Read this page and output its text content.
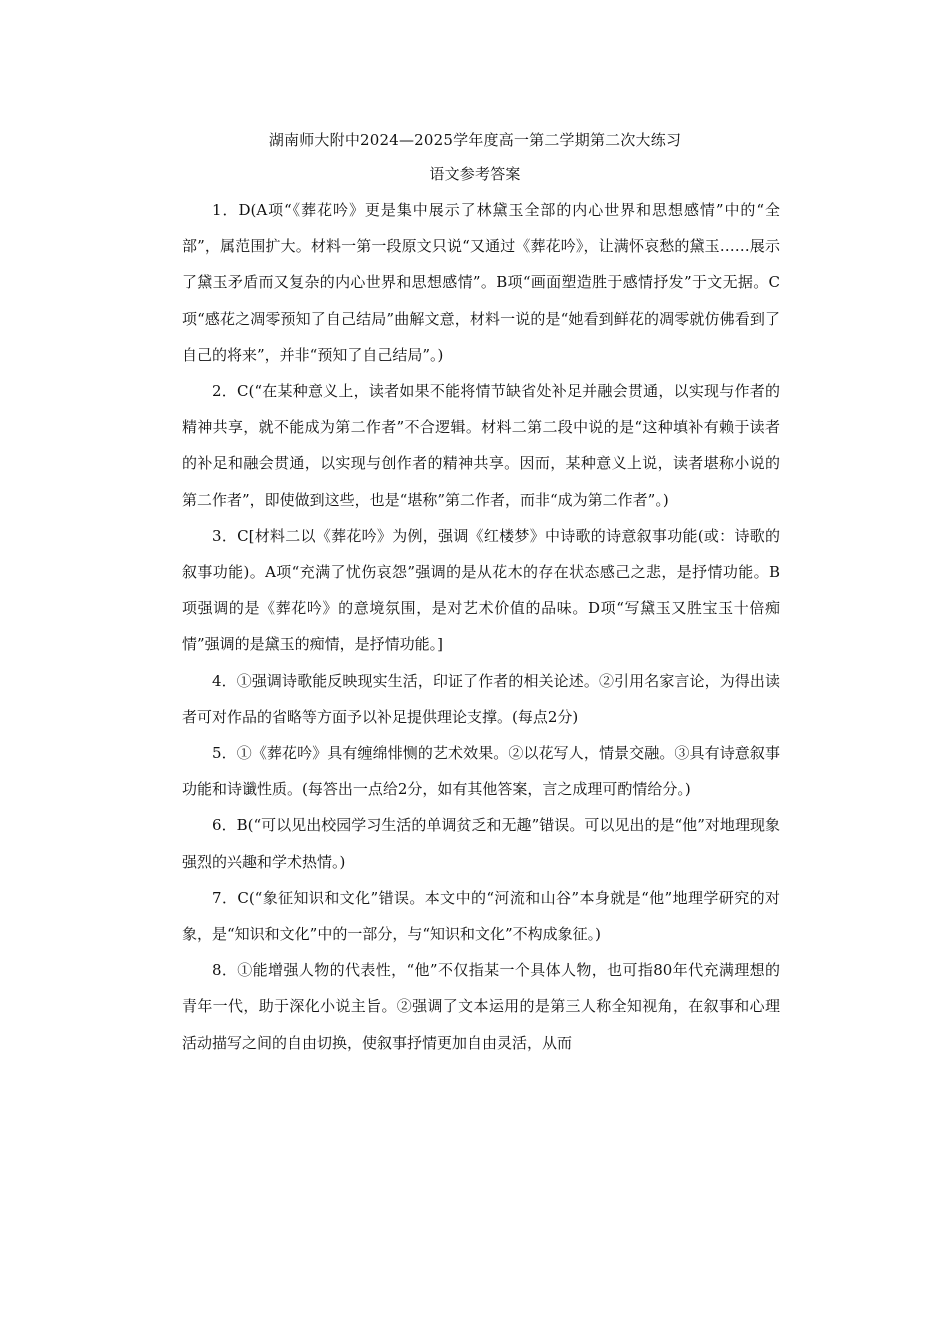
湖南师大附中2024—2025学年度高一第二学期第二次大练习
语文参考答案

1．D(A项“《葬花吟》更是集中展示了林黛玉全部的内心世界和思想感情”中的“全部”，属范围扩大。材料一第一段原文只说“又通过《葬花吟》，让满怀哀愁的黛玉……展示了黛玉矛盾而又复杂的内心世界和思想感情”。B项“画面塑造胜于感情抒发”于文无据。C项“感花之凋零预知了自己结局”曲解文意，材料一说的是“她看到鲜花的凋零就仿佛看到了自己的将来”，并非“预知了自己结局”。)

2．C(“在某种意义上，读者如果不能将情节缺省处补足并融会贯通，以实现与作者的精神共享，就不能成为第二作者”不合逻辑。材料二第二段中说的是“这种填补有赖于读者的补足和融会贯通，以实现与创作者的精神共享。因而，某种意义上说，读者堪称小说的第二作者”，即使做到这些，也是“堪称”第二作者，而非“成为第二作者”。)

3．C[材料二以《葬花吟》为例，强调《红楼梦》中诗歌的诗意叙事功能(或：诗歌的叙事功能)。A项“充满了忧伤哀怨”强调的是从花木的存在状态感己之悲，是抒情功能。B项强调的是《葬花吟》的意境氛围，是对艺术价值的品味。D项“写黛玉又胜宝玉十倍痴情”强调的是黛玉的痴情，是抒情功能。]

4．①强调诗歌能反映现实生活，印证了作者的相关论述。②引用名家言论，为得出读者可对作品的省略等方面予以补足提供理论支撑。(每点2分)

5．①《葬花吟》具有缠绵悱恻的艺术效果。②以花写人，情景交融。③具有诗意叙事功能和诗谶性质。(每答出一点给2分，如有其他答案，言之成理可酌情给分。)

6．B(“可以见出校园学习生活的单调贫乏和无趣”错误。可以见出的是“他”对地理现象强烈的兴趣和学术热情。)

7．C(“象征知识和文化”错误。本文中的“河流和山谷”本身就是“他”地理学研究的对象，是“知识和文化”中的一部分，与“知识和文化”不构成象征。)

8．①能增强人物的代表性，“他”不仅指某一个具体人物，也可指80年代充满理想的青年一代，助于深化小说主旨。②强调了文本运用的是第三人称全知视角，在叙事和心理活动描写之间的自由切换，使叙事抒情更加自由灵活，从而
